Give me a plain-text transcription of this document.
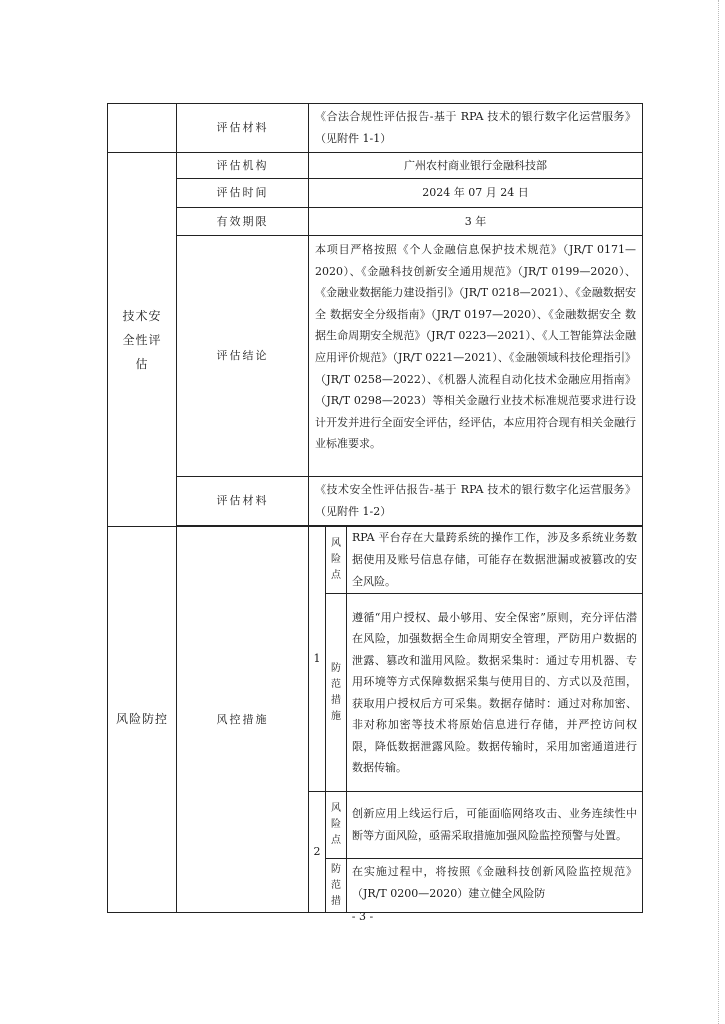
	评估材料	《合法合规性评估报告-基于 RPA 技术的银行数字化运营服务》（见附件 1-1）		

技术安全性评估	评估机构	广州农村商业银行金融科技部		
	评估时间	2024 年 07 月 24 日		
	有效期限	3 年		
	评估结论	本项目严格按照《个人金融信息保护技术规范》（JR/T 0171—2020）、《金融科技创新安全通用规范》（JR/T 0199—2020）、《金融业数据能力建设指引》（JR/T 0218—2021）、《金融数据安全 数据安全分级指南》（JR/T 0197—2020）、《金融数据安全 数据生命周期安全规范》（JR/T 0223—2021）、《人工智能算法金融应用评价规范》（JR/T 0221—2021）、《金融领域科技伦理指引》（JR/T 0258—2022）、《机器人流程自动化技术金融应用指南》（JR/T 0298—2023）等相关金融行业技术标准规范要求进行设计开发并进行全面安全评估，经评估，本应用符合现有相关金融行业标准要求。		
	评估材料	《技术安全性评估报告-基于 RPA 技术的银行数字化运营服务》（见附件 1-2）		

风险防控	风控措施	1	风险点	RPA 平台存在大量跨系统的操作工作，涉及多系统业务数据使用及账号信息存储，可能存在数据泄漏或被篡改的安全风险。

			防范措施	遵循“用户授权、最小够用、安全保密”原则，充分评估潜在风险，加强数据全生命周期安全管理，严防用户数据的泄露、篡改和滥用风险。数据采集时：通过专用机器、专用环境等方式保障数据采集与使用目的、方式以及范围，获取用户授权后方可采集。数据存储时：通过对称加密、非对称加密等技术将原始信息进行存储，并严控访问权限，降低数据泄露风险。数据传输时，采用加密通道进行数据传输。
		2	风险点	创新应用上线运行后，可能面临网络攻击、业务连续性中断等方面风险，亟需采取措施加强风险监控预警与处置。

			防范措	在实施过程中，将按照《金融科技创新风险监控规范》（JR/T 0200—2020）建立健全风险防
- 3 -
